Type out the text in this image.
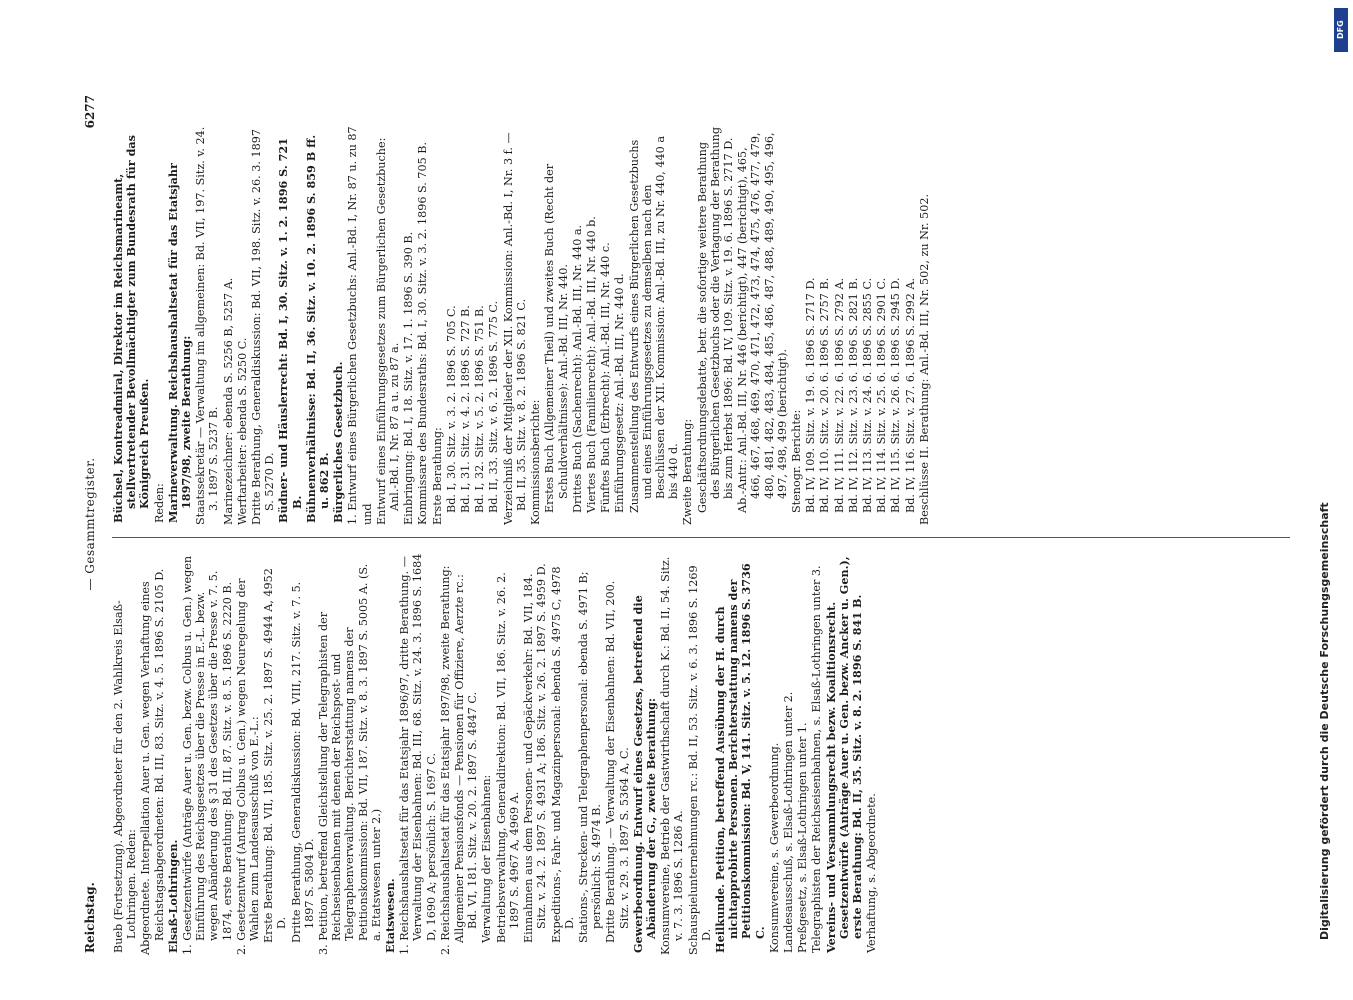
Reichstag.
— Gesammtregister.
6277
Bueb (Fortsetzung). Abgeordneter für den 2. Wahlkreis Elsaß-Lothringen. Reden: Abgeordnete. Interpellation Auer u. Gen. wegen Verhaftung eines Reichstagsabgeordneten: Bd. III, 83. Sitz. v. 4. 5. 1896 S. 2105 D. Elsaß-Lothringen. 1. Gesetzentwürfe (Anträge Auer u. Gen. bezw. Colbus u. Gen.) wegen Einführung des Reichsgesetzes über die Presse in E.-L. bezw. wegen Abänderung des § 31 des Gesetzes über die Presse v. 7. 5. 1874, erste Berathung: Bd. III, 87. Sitz. v. 8. 5. 1896 S. 2220 B. 2. Gesetzentwurf (Antrag Colbus u. Gen.) wegen Neuregelung der Wahlen zum Landesausschuß von E.-L.: Erste Berathung: Bd. VII, 185. Sitz. v. 25. 2. 1897 S. 4944 A, 4952 D. Dritte Berathung, Generaldiskussion: Bd. VIII, 217. Sitz. v. 7. 5. 1897 S. 5804 D. 3. Petition, betreffend Gleichstellung der Telegraphisten der Reichseisenbahnen mit denen der Reichspost- und Telegraphenverwaltung. Berichterstattung namens der Petitionskommission: Bd. VII, 187. Sitz. v. 8. 3. 1897 S. 5005 A. (S. a. Etatswesen unter 2.) Etatswesen. 1. Reichshaushaltsetat für das Etatsjahr 1896/97, dritte Berathung. — Verwaltung der Eisenbahnen: Bd. III, 68. Sitz. v. 24. 3. 1896 S. 1684 D, 1690 A; persönlich: S. 1697 C. 2. Reichshaushaltsetat für das Etatsjahr 1897/98, zweite Berathung: Allgemeiner Pensionsfonds — Pensionen für Offiziere, Aerzte rc.: Bd. VI, 181. Sitz. v. 20. 2. 1897 S. 4847 C. Verwaltung der Eisenbahnen: Betriebsverwaltung, Generaldirektion: Bd. VII, 186. Sitz. v. 26. 2. 1897 S. 4967 A, 4969 A. Einnahmen aus dem Personen- und Gepäckverkehr: Bd. VII, 184. Sitz. v. 24. 2. 1897 S. 4931 A; 186. Sitz. v. 26. 2. 1897 S. 4959 D. Expeditions-, Fahr- und Magazinpersonal: ebenda S. 4975 C, 4978 D. Stations-, Strecken- und Telegraphenpersonal: ebenda S. 4971 B; persönlich: S. 4974 B. Dritte Berathung. — Verwaltung der Eisenbahnen: Bd. VII, 200. Sitz. v. 29. 3. 1897 S. 5364 A, C. Gewerbeordnung. Entwurf eines Gesetzes, betreffend die Abänderung der G., zweite Berathung: Konsumvereine, Betrieb der Gastwirthschaft durch K.: Bd. II, 54. Sitz. v. 7. 3. 1896 S. 1286 A. Schauspielunternehmungen rc.: Bd. II, 53. Sitz. v. 6. 3. 1896 S. 1269 D. Heilkunde. Petition, betreffend Ausübung der H. durch nichtapprobirte Personen. Berichterstattung namens der Petitionskommission: Bd. V, 141. Sitz. v. 5. 12. 1896 S. 3736 C. Konsumvereine, s. Gewerbeordnung. Landesausschuß, s. Elsaß-Lothringen unter 2. Preßgesetz, s. Elsaß-Lothringen unter 1. Telegraphisten der Reichseisenbahnen, s. Elsaß-Lothringen unter 3. Vereins- und Versammlungsrecht bezw. Koalitionsrecht. Gesetzentwürfe (Anträge Auer u. Gen. bezw. Ancker u. Gen.), erste Berathung: Bd. II, 35. Sitz. v. 8. 2. 1896 S. 841 B. Verhaftung, s. Abgeordnete.
Büchsel, Kontreadmiral, Direktor im Reichsmarineamt, stellvertretender Bevollmächtigter zum Bundesrath für das Königreich Preußen. Reden: Marineverwaltung. Reichshaushaltsetat für das Etatsjahr 1897/98, zweite Berathung: Staatssekretär — Verwaltung im allgemeinen: Bd. VII, 197. Sitz. v. 24. 3. 1897 S. 5237 B. Marinezeichner: ebenda S. 5256 B, 5257 A. Werftarbeiter: ebenda S. 5250 C. Dritte Berathung, Generaldiskussion: Bd. VII, 198. Sitz. v. 26. 3. 1897 S. 5270 D. Büdner- und Häuslerrecht: Bd. I, 30. Sitz. v. 1. 2. 1896 S. 721 B. Bühnenverhältnisse: Bd. II, 36. Sitz. v. 10. 2. 1896 S. 859 B ff. u. 862 B. Bürgerliches Gesetzbuch. 1. Entwurf eines Bürgerlichen Gesetzbuchs: Anl.-Bd. I, Nr. 87 u. zu 87 und Entwurf eines Einführungsgesetzes zum Bürgerlichen Gesetzbuche: Anl.-Bd. I, Nr. 87 a u. zu 87 a. Einbringung: Bd. I, 18. Sitz. v. 17. 1. 1896 S. 390 B. Kommissare des Bundesraths: Bd. I, 30. Sitz. v. 3. 2. 1896 S. 705 B. Erste Berathung: Bd. I, 30. Sitz. v. 3. 2. 1896 S. 705 C. Bd. I, 31. Sitz. v. 4. 2. 1896 S. 727 B. Bd. I, 32. Sitz. v. 5. 2. 1896 S. 751 B. Bd. II, 33. Sitz. v. 6. 2. 1896 S. 775 C. Verzeichniß der Mitglieder der XII. Kommission: Anl.-Bd. I, Nr. 3 f. — Bd. II, 35. Sitz. v. 8. 2. 1896 S. 821 C. Kommissionsberichte: Erstes Buch (Allgemeiner Theil) und zweites Buch (Recht der Schuldverhältnisse): Anl.-Bd. III, Nr. 440. Drittes Buch (Sachenrecht): Anl.-Bd. III, Nr. 440 a. Viertes Buch (Familienrecht): Anl.-Bd. III, Nr. 440 b. Fünftes Buch (Erbrecht): Anl.-Bd. III, Nr. 440 c. Einführungsgesetz: Anl.-Bd. III, Nr. 440 d. Zusammenstellung des Entwurfs eines Bürgerlichen Gesetzbuchs und eines Einführungsgesetzes zu demselben nach den Beschlüssen der XII. Kommission: Anl.-Bd. III, zu Nr. 440, 440 a bis 440 d. Zweite Berathung: Geschäftsordnungsdebatte, betr. die sofortige weitere Berathung des Bürgerlichen Gesetzbuchs oder die Vertagung der Berathung bis zum Herbst 1896: Bd. IV, 109. Sitz. v. 19. 6. 1896 S. 2717 D. Ab.-Antr.: Anl.-Bd. III, Nr. 446 (berichtigt), 447 (berichtigt), 465, 466, 467, 468, 469, 470, 471, 472, 473, 474, 475, 476, 477, 479, 480, 481, 482, 483, 484, 485, 486, 487, 488, 489, 490, 495, 496, 497, 498, 499 (berichtigt). Stenogr. Berichte: Bd. IV, 109. Sitz. v. 19. 6. 1896 S. 2717 D. Bd. IV, 110. Sitz. v. 20. 6. 1896 S. 2757 B. Bd. IV, 111. Sitz. v. 22. 6. 1896 S. 2792 A. Bd. IV, 112. Sitz. v. 23. 6. 1896 S. 2821 B. Bd. IV, 113. Sitz. v. 24. 6. 1896 S. 2855 C. Bd. IV, 114. Sitz. v. 25. 6. 1896 S. 2901 C. Bd. IV, 115. Sitz. v. 26. 6. 1896 S. 2945 D. Bd. IV, 116. Sitz. v. 27. 6. 1896 S. 2992 A. Beschlüsse II. Berathung: Anl.-Bd. III, Nr. 502, zu Nr. 502.
DFG
Digitalisierung gefördert durch die Deutsche Forschungsgemeinschaft
